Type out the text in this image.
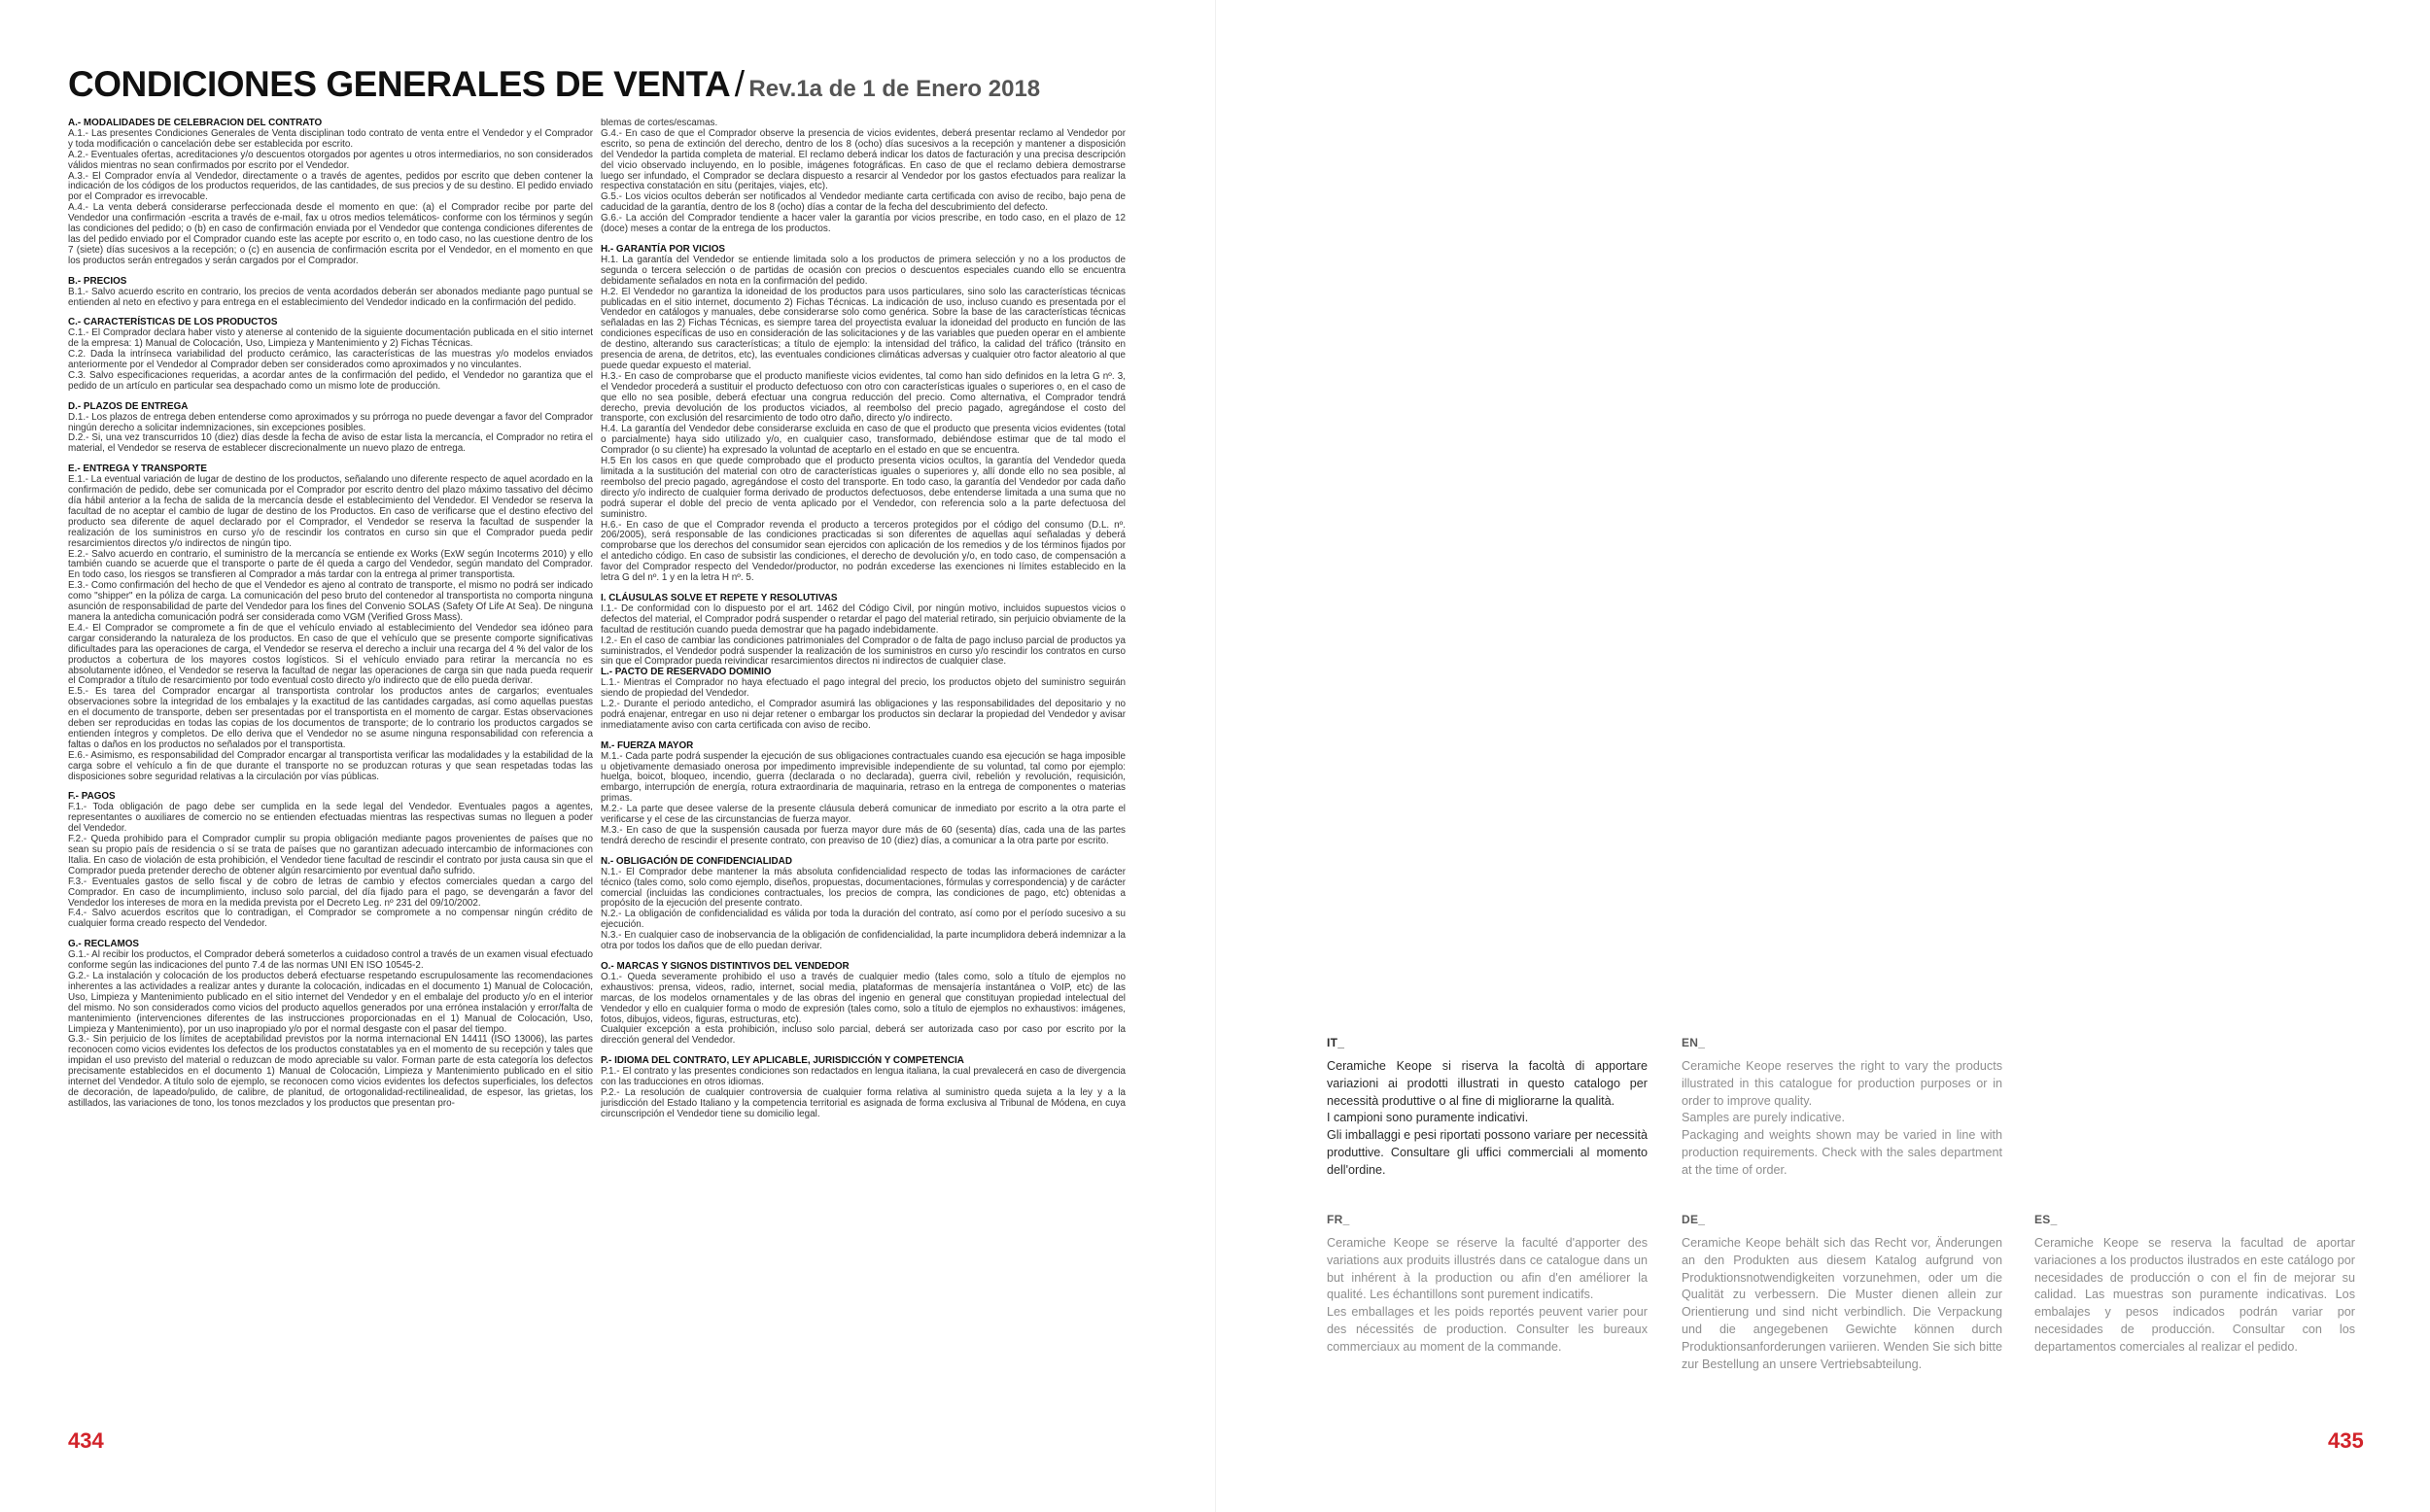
CONDICIONES GENERALES DE VENTA / Rev.1a de 1 de Enero 2018

A.- MODALIDADES DE CELEBRACIÓN DEL CONTRATO

A.1.- Las presentes Condiciones Generales de Venta disciplinan todo contrato de venta entre el Vendedor y el Comprador y toda modificación o cancelación debe ser establecida por escrito.

A.2.- Eventuales ofertas, acreditaciones y/o descuentos otorgados por agentes u otros intermediarios, no son considerados válidos mientras no sean confirmados por escrito por el Vendedor.

A.3.- El Comprador envía al Vendedor, directamente o a través de agentes, pedidos por escrito que deben contener la indicación de los códigos de los productos requeridos, de las cantidades, de sus precios y de su destino. El pedido enviado por el Comprador es irrevocable.

A.4.- La venta deberá considerarse perfeccionada desde el momento en que: (a) el Comprador recibe por parte del Vendedor una confirmación -escrita a través de e-mail, fax u otros medios telemáticos- conforme con los términos y según las condiciones del pedido; o (b) en caso de confirmación enviada por el Vendedor que contenga condiciones diferentes de las del pedido enviado por el Comprador cuando este las acepte por escrito o, en todo caso, no las cuestione dentro de los 7 (siete) días sucesivos a la recepción; o (c) en ausencia de confirmación escrita por el Vendedor, en el momento en que los productos serán entregados y serán cargados por el Comprador.

B.- PRECIOS

B.1.- Salvo acuerdo escrito en contrario, los precios de venta acordados deberán ser abonados mediante pago puntual se entienden al neto en efectivo y para entrega en el establecimiento del Vendedor indicado en la confirmación del pedido.

C.- CARACTERÍSTICAS DE LOS PRODUCTOS

C.1.- El Comprador declara haber visto y atenerse al contenido de la siguiente documentación publicada en el sitio internet de la empresa: 1) Manual de Colocación, Uso, Limpieza y Mantenimiento y 2) Fichas Técnicas.

C.2. Dada la intrínseca variabilidad del producto cerámico, las características de las muestras y/o modelos enviados anteriormente por el Vendedor al Comprador deben ser considerados como aproximados y no vinculantes.

C.3. Salvo especificaciones requeridas, a acordar antes de la confirmación del pedido, el Vendedor no garantiza que el pedido de un artículo en particular sea despachado como un mismo lote de producción.

D.- PLAZOS DE ENTREGA

D.1.- Los plazos de entrega deben entenderse como aproximados y su prórroga no puede devengar a favor del Comprador ningún derecho a solicitar indemnizaciones, sin excepciones posibles.

D.2.- Si, una vez transcurridos 10 (diez) días desde la fecha de aviso de estar lista la mercancía, el Comprador no retira el material, el Vendedor se reserva de establecer discrecionalmente un nuevo plazo de entrega.

E.- ENTREGA Y TRANSPORTE

E.1.- La eventual variación de lugar de destino de los productos, señalando uno diferente respecto de aquel acordado en la confirmación de pedido, debe ser comunicada por el Comprador por escrito dentro del plazo máximo tassativo del décimo día hábil anterior a la fecha de salida de la mercancía desde el establecimiento del Vendedor. El Vendedor se reserva la facultad de no aceptar el cambio de lugar de destino de los Productos. En caso de verificarse que el destino efectivo del producto sea diferente de aquel declarado por el Comprador, el Vendedor se reserva la facultad de suspender la realización de los suministros en curso y/o de rescindir los contratos en curso sin que el Comprador pueda pedir resarcimientos directos y/o indirectos de ningún tipo.

E.2.- Salvo acuerdo en contrario, el suministro de la mercancía se entiende ex Works (ExW según Incoterms 2010) y ello también cuando se acuerde que el transporte o parte de él queda a cargo del Vendedor, según mandato del Comprador. En todo caso, los riesgos se transfieren al Comprador a más tardar con la entrega al primer transportista.

E.3.- Como confirmación del hecho de que el Vendedor es ajeno al contrato de transporte, el mismo no podrá ser indicado como "shipper" en la póliza de carga. La comunicación del peso bruto del contenedor al transportista no comporta ninguna asunción de responsabilidad de parte del Vendedor para los fines del Convenio SOLAS (Safety Of Life At Sea). De ninguna manera la antedicha comunicación podrá ser considerada como VGM (Verified Gross Mass).

E.4.- El Comprador se compromete a fin de que el vehículo enviado al establecimiento del Vendedor sea idóneo para cargar considerando la naturaleza de los productos. En caso de que el vehículo que se presente comporte significativas dificultades para las operaciones de carga, el Vendedor se reserva el derecho a incluir una recarga del 4 % del valor de los productos a cobertura de los mayores costos logísticos. Si el vehículo enviado para retirar la mercancía no es absolutamente idóneo, el Vendedor se reserva la facultad de negar las operaciones de carga sin que nada pueda requerir el Comprador a título de resarcimiento por todo eventual costo directo y/o indirecto que de ello pueda derivar.

E.5.- Es tarea del Comprador encargar al transportista controlar los productos antes de cargarlos; eventuales observaciones sobre la integridad de los embalajes y la exactitud de las cantidades cargadas, así como aquellas puestas en el documento de transporte, deben ser presentadas por el transportista en el momento de cargar. Estas observaciones deben ser reproducidas en todas las copias de los documentos de transporte; de lo contrario los productos cargados se entienden íntegros y completos. De ello deriva que el Vendedor no se asume ninguna responsabilidad con referencia a faltas o daños en los productos no señalados por el transportista.

E.6.- Asimismo, es responsabilidad del Comprador encargar al transportista verificar las modalidades y la estabilidad de la carga sobre el vehículo a fin de que durante el transporte no se produzcan roturas y que sean respetadas todas las disposiciones sobre seguridad relativas a la circulación por vías públicas.

F.- PAGOS

F.1.- Toda obligación de pago debe ser cumplida en la sede legal del Vendedor. Eventuales pagos a agentes, representantes o auxiliares de comercio no se entienden efectuadas mientras las respectivas sumas no lleguen a poder del Vendedor.

F.2.- Queda prohibido para el Comprador cumplir su propia obligación mediante pagos provenientes de países que no sean su propio país de residencia o sí se trata de países que no garantizan adecuado intercambio de informaciones con Italia. En caso de violación de esta prohibición, el Vendedor tiene facultad de rescindir el contrato por justa causa sin que el Comprador pueda pretender derecho de obtener algún resarcimiento por eventual daño sufrido.

F.3.- Eventuales gastos de sello fiscal y de cobro de letras de cambio y efectos comerciales quedan a cargo del Comprador. En caso de incumplimiento, incluso solo parcial, del día fijado para el pago, se devengarán a favor del Vendedor los intereses de mora en la medida prevista por el Decreto Leg. nº 231 del 09/10/2002.

F.4.- Salvo acuerdos escritos que lo contradigan, el Comprador se compromete a no compensar ningún crédito de cualquier forma creado respecto del Vendedor.

G.- RECLAMOS

G.1.- Al recibir los productos, el Comprador deberá someterlos a cuidadoso control a través de un examen visual efectuado conforme según las indicaciones del punto 7.4 de las normas UNI EN ISO 10545-2.

G.2.- La instalación y colocación de los productos deberá efectuarse respetando escrupulosamente las recomendaciones inherentes a las actividades a realizar antes y durante la colocación, indicadas en el documento 1) Manual de Colocación, Uso, Limpieza y Mantenimiento publicado en el sitio internet del Vendedor y en el embalaje del producto y/o en el interior del mismo. No son considerados como vicios del producto aquellos generados por una errónea instalación y error/falta de mantenimiento (intervenciones diferentes de las instrucciones proporcionadas en el 1) Manual de Colocación, Uso, Limpieza y Mantenimiento), por un uso inapropiado y/o por el normal desgaste con el pasar del tiempo.

G.3.- Sin perjuicio de los límites de aceptabilidad previstos por la norma internacional EN 14411 (ISO 13006), las partes reconocen como vicios evidentes los defectos de los productos constatables ya en el momento de su recepción y tales que impidan el uso previsto del material o reduzcan de modo apreciable su valor. Forman parte de esta categoría los defectos precisamente establecidos en el documento 1) Manual de Colocación, Limpieza y Mantenimiento publicado en el sitio internet del Vendedor. A título solo de ejemplo, se reconocen como vicios evidentes los defectos superficiales, los defectos de decoración, de lapeado/pulido, de calibre, de planitud, de ortogonalidad-rectilinealidad, de espesor, las grietas, los astillados, las variaciones de tono, los tonos mezclados y los productos que presentan pro-

blemas de cortes/escamas.

G.4.- En caso de que el Comprador observe la presencia de vicios evidentes, deberá presentar reclamo al Vendedor por escrito, so pena de extinción del derecho, dentro de los 8 (ocho) días sucesivos a la recepción y mantener a disposición del Vendedor la partida completa de material. El reclamo deberá indicar los datos de facturación y una precisa descripción del vicio observado incluyendo, en lo posible, imágenes fotográficas. En caso de que el reclamo debiera demostrarse luego ser infundado, el Comprador se declara dispuesto a resarcir al Vendedor por los gastos efectuados para realizar la respectiva constatación en situ (peritajes, viajes, etc).

G.5.- Los vicios ocultos deberán ser notificados al Vendedor mediante carta certificada con aviso de recibo, bajo pena de caducidad de la garantía, dentro de los 8 (ocho) días a contar de la fecha del descubrimiento del defecto.

G.6.- La acción del Comprador tendiente a hacer valer la garantía por vicios prescribe, en todo caso, en el plazo de 12 (doce) meses a contar de la entrega de los productos.

H.- GARANTÍA POR VICIOS

H.1. La garantía del Vendedor se entiende limitada solo a los productos de primera selección y no a los productos de segunda o tercera selección o de partidas de ocasión con precios o descuentos especiales cuando ello se encuentra debidamente señalados en nota en la confirmación del pedido.

H.2. El Vendedor no garantiza la idoneidad de los productos para usos particulares, sino solo las características técnicas publicadas en el sitio internet, documento 2) Fichas Técnicas. La indicación de uso, incluso cuando es presentada por el Vendedor en catálogos y manuales, debe considerarse solo como genérica. Sobre la base de las características técnicas señaladas en las 2) Fichas Técnicas, es siempre tarea del proyectista evaluar la idoneidad del producto en función de las condiciones específicas de uso en consideración de las solicitaciones y de las variables que pueden operar en el ambiente de destino, alterando sus características; a título de ejemplo: la intensidad del tráfico, la calidad del tráfico (tránsito en presencia de arena, de detritos, etc), las eventuales condiciones climáticas adversas y cualquier otro factor aleatorio al que puede quedar expuesto el material.

H.3.- En caso de comprobarse que el producto manifieste vicios evidentes, tal como han sido definidos en la letra G nº. 3, el Vendedor procederá a sustituir el producto defectuoso con otro con características iguales o superiores o, en el caso de que ello no sea posible, deberá efectuar una congrua reducción del precio. Como alternativa, el Comprador tendrá derecho, previa devolución de los productos viciados, al reembolso del precio pagado, agregándose el costo del transporte, con exclusión del resarcimiento de todo otro daño, directo y/o indirecto.

H.4. La garantía del Vendedor debe considerarse excluida en caso de que el producto que presenta vicios evidentes (total o parcialmente) haya sido utilizado y/o, en cualquier caso, transformado, debiéndose estimar que de tal modo el Comprador (o su cliente) ha expresado la voluntad de aceptarlo en el estado en que se encuentra.

H.5 En los casos en que quede comprobado que el producto presenta vicios ocultos, la garantía del Vendedor queda limitada a la sustitución del material con otro de características iguales o superiores y, allí donde ello no sea posible, al reembolso del precio pagado, agregándose el costo del transporte. En todo caso, la garantía del Vendedor por cada daño directo y/o indirecto de cualquier forma derivado de productos defectuosos, debe entenderse limitada a una suma que no podrá superar el doble del precio de venta aplicado por el Vendedor, con referencia solo a la parte defectuosa del suministro.

H.6.- En caso de que el Comprador revenda el producto a terceros protegidos por el código del consumo (D.L. nº. 206/2005), será responsable de las condiciones practicadas si son diferentes de aquellas aquí señaladas y deberá comprobarse que los derechos del consumidor sean ejercidos con aplicación de los remedios y de los términos fijados por el antedicho código. En caso de subsistir las condiciones, el derecho de devolución y/o, en todo caso, de compensación a favor del Comprador respecto del Vendedor/productor, no podrán excederse las exenciones ni límites establecido en la letra G del nº. 1 y en la letra H nº. 5.

I. CLÁUSULAS SOLVE ET REPETE Y RESOLUTIVAS

I.1.- De conformidad con lo dispuesto por el art. 1462 del Código Civil, por ningún motivo, incluidos supuestos vicios o defectos del material, el Comprador podrá suspender o retardar el pago del material retirado, sin perjuicio obviamente de la facultad de restitución cuando pueda demostrar que ha pagado indebidamente.

I.2.- En el caso de cambiar las condiciones patrimoniales del Comprador o de falta de pago incluso parcial de productos ya suministrados, el Vendedor podrá suspender la realización de los suministros en curso y/o rescindir los contratos en curso sin que el Comprador pueda reivindicar resarcimientos directos ni indirectos de cualquier clase.

L.- PACTO DE RESERVADO DOMINIO

L.1.- Mientras el Comprador no haya efectuado el pago integral del precio, los productos objeto del suministro seguirán siendo de propiedad del Vendedor.

L.2.- Durante el periodo antedicho, el Comprador asumirá las obligaciones y las responsabilidades del depositario y no podrá enajenar, entregar en uso ni dejar retener o embargar los productos sin declarar la propiedad del Vendedor y avisar inmediatamente aviso con carta certificada con aviso de recibo.

M.- FUERZA MAYOR

M.1.- Cada parte podrá suspender la ejecución de sus obligaciones contractuales cuando esa ejecución se haga imposible u objetivamente demasiado onerosa por impedimento imprevisible independiente de su voluntad, tal como por ejemplo: huelga, boicot, bloqueo, incendio, guerra (declarada o no declarada), guerra civil, rebelión y revolución, requisición, embargo, interrupción de energía, rotura extraordinaria de maquinaria, retraso en la entrega de componentes o materias primas.

M.2.- La parte que desee valerse de la presente cláusula deberá comunicar de inmediato por escrito a la otra parte el verificarse y el cese de las circunstancias de fuerza mayor.

M.3.- En caso de que la suspensión causada por fuerza mayor dure más de 60 (sesenta) días, cada una de las partes tendrá derecho de rescindir el presente contrato, con preaviso de 10 (diez) días, a comunicar a la otra parte por escrito.

N.- OBLIGACIÓN DE CONFIDENCIALIDAD

N.1.- El Comprador debe mantener la más absoluta confidencialidad respecto de todas las informaciones de carácter técnico (tales como, solo como ejemplo, diseños, propuestas, documentaciones, fórmulas y correspondencia) y de carácter comercial (incluidas las condiciones contractuales, los precios de compra, las condiciones de pago, etc) obtenidas a propósito de la ejecución del presente contrato.

N.2.- La obligación de confidencialidad es válida por toda la duración del contrato, así como por el período sucesivo a su ejecución.

N.3.- En cualquier caso de inobservancia de la obligación de confidencialidad, la parte incumplidora deberá indemnizar a la otra por todos los daños que de ello puedan derivar.

O.- MARCAS Y SIGNOS DISTINTIVOS DEL VENDEDOR

O.1.- Queda severamente prohibido el uso a través de cualquier medio (tales como, solo a título de ejemplos no exhaustivos: prensa, videos, radio, internet, social media, plataformas de mensajería instantánea o VoIP, etc) de las marcas, de los modelos ornamentales y de las obras del ingenio en general que constituyan propiedad intelectual del Vendedor y ello en cualquier forma o modo de expresión (tales como, solo a título de ejemplos no exhaustivos: imágenes, fotos, dibujos, videos, figuras, estructuras, etc).

Cualquier excepción a esta prohibición, incluso solo parcial, deberá ser autorizada caso por caso por escrito por la dirección general del Vendedor.

P.- IDIOMA DEL CONTRATO, LEY APLICABLE, JURISDICCIÓN Y COMPETENCIA

P.1.- El contrato y las presentes condiciones son redactados en lengua italiana, la cual prevalecerá en caso de divergencia con las traducciones en otros idiomas.

P.2.- La resolución de cualquier controversia de cualquier forma relativa al suministro queda sujeta a la ley y a la jurisdicción del Estado Italiano y la competencia territorial es asignada de forma exclusiva al Tribunal de Módena, en cuya circunscripción el Vendedor tiene su domicilio legal.

IT_

Ceramiche Keope si riserva la facoltà di apportare variazioni ai prodotti illustrati in questo catalogo per necessità produttive o al fine di migliorarne la qualità.

I campioni sono puramente indicativi.

Gli imballaggi e pesi riportati possono variare per necessità produttive. Consultare gli uffici commerciali al momento dell'ordine.

EN_

Ceramiche Keope reserves the right to vary the products illustrated in this catalogue for production purposes or in order to improve quality.

Samples are purely indicative.

Packaging and weights shown may be varied in line with production requirements. Check with the sales department at the time of order.

FR_

Ceramiche Keope se réserve la faculté d'apporter des variations aux produits illustrés dans ce catalogue dans un but inhérent à la production ou afin d'en améliorer la qualité. Les échantillons sont purement indicatifs.

Les emballages et les poids reportés peuvent varier pour des nécessités de production. Consulter les bureaux commerciaux au moment de la commande.

DE_

Ceramiche Keope behält sich das Recht vor, Änderungen an den Produkten aus diesem Katalog aufgrund von Produktionsnotwendigkeiten vorzunehmen, oder um die Qualität zu verbessern. Die Muster dienen allein zur Orientierung und sind nicht verbindlich. Die Verpackung und die angegebenen Gewichte können durch Produktionsanforderungen variieren. Wenden Sie sich bitte zur Bestellung an unsere Vertriebsabteilung.

ES_

Ceramiche Keope se reserva la facultad de aportar variaciones a los productos ilustrados en este catálogo por necesidades de producción o con el fin de mejorar su calidad. Las muestras son puramente indicativas. Los embalajes y pesos indicados podrán variar por necesidades de producción. Consultar con los departamentos comerciales al realizar el pedido.

434	435
